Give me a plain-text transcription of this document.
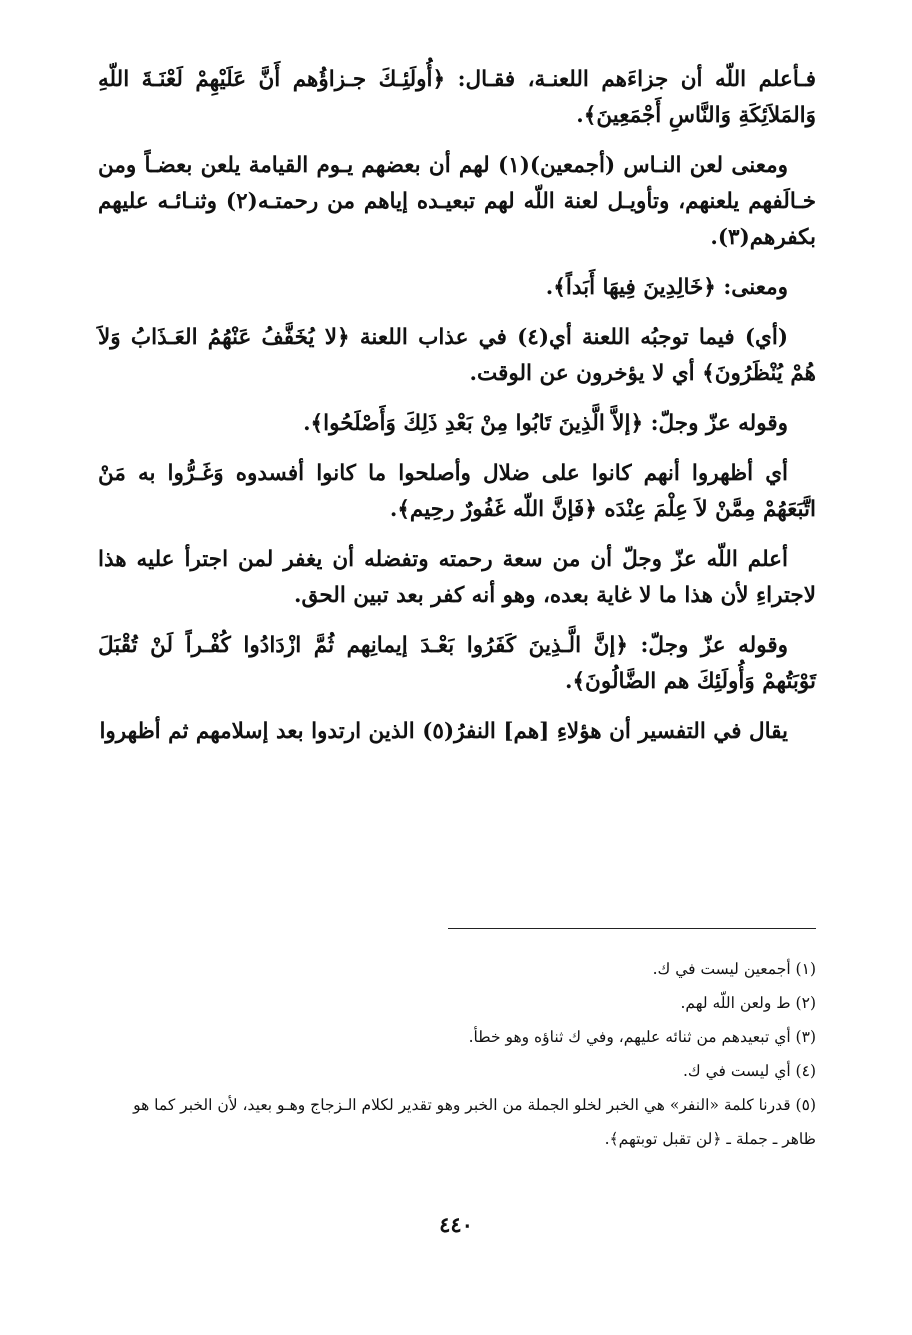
فـأعلم اللّه أن جزاءَهم اللعنـة، فقـال: ﴿أُولَئِـكَ جـزاؤُهم أَنَّ عَلَيْهِمْ لَعْنَـةَ اللّهِ وَالمَلاَئِكَةِ وَالنَّاسِ أَجْمَعِينَ﴾.

ومعنى لعن النـاس (أجمعين)(١) لهم أن بعضهم يـوم القيامة يلعن بعضـاً ومن خـالَفهم يلعنهم، وتأويـل لعنة اللّه لهم تبعيـده إياهم من رحمتـه(٢) وثنـائـه عليهم بكفرهم(٣).

ومعنى: ﴿خَالِدِينَ فِيهَا أَبَداً﴾.

(أي) فيما توجبُه اللعنة أي(٤) في عذاب اللعنة ﴿لا يُخَفَّفُ عَنْهُمُ العَـذَابُ وَلاَ هُمْ يُنْظَرُونَ﴾ أي لا يؤخرون عن الوقت.

وقوله عزّ وجلّ: ﴿إلاَّ الَّذِينَ تَابُوا مِنْ بَعْدِ ذَلِكَ وَأَصْلَحُوا﴾.

أي أظهروا أنهم كانوا على ضلال وأصلحوا ما كانوا أفسدوه وَغَـرُّوا به مَنْ اتَّبَعَهُمْ مِمَّنْ لاَ عِلْمَ عِنْدَه ﴿فَإنَّ اللّه غَفُورٌ رحِيم﴾.

أعلم اللّه عزّ وجلّ أن من سعة رحمته وتفضله أن يغفر لمن اجترأ عليه هذا لاجتراءِ لأن هذا ما لا غاية بعده، وهو أنه كفر بعد تبين الحق.

وقوله عزّ وجلّ: ﴿إنَّ الَّـذِينَ كَفَرُوا بَعْـدَ إيمانِهم ثُمَّ ازْدَادُوا كُفْـراً لَنْ تُقْبَلَ تَوْبَتُهمْ وَأُولَئِكَ هم الضَّالُونَ﴾.

يقال في التفسير أن هؤلاءِ [هم] النفرُ(٥) الذين ارتدوا بعد إسلامهم ثم أظهروا

(١) أجمعين ليست في ك.

(٢) ط ولعن اللّه لهم.

(٣) أي تبعيدهم من ثنائه عليهم، وفي ك ثناؤه وهو خطأ.

(٤) أي ليست في ك.

(٥) قدرنا كلمة «النفر» هي الخبر لخلو الجملة من الخبر وهو تقدير لكلام الـزجاج وهـو بعيد، لأن الخبر كما هو ظاهر ـ جملة ـ ﴿لن تقبل توبتهم﴾.

٤٤٠
